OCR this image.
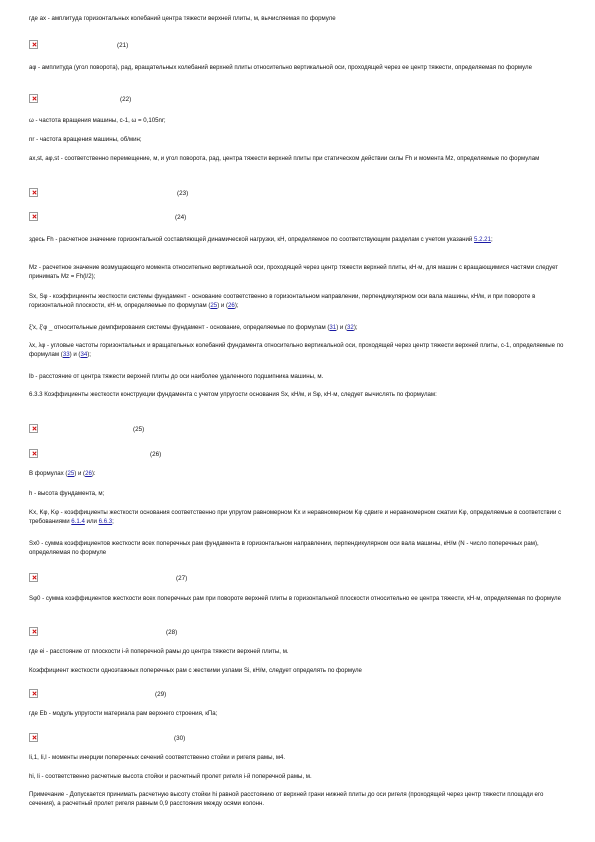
где ax - амплитуда горизонтальных колебаний центра тяжести верхней плиты, м, вычисляемая по формуле
(21)
aφ - амплитуда (угол поворота), рад, вращательных колебаний верхней плиты относительно вертикальной оси, проходящей через ее центр тяжести, определяемая по формуле
(22)
ω - частота вращения машины, с-1, ω = 0,105nr;
nr - частота вращения машины, об/мин;
ax,st, aφ,st - соответственно перемещение, м, и угол поворота, рад, центра тяжести верхней плиты при статическом действии силы Fh и момента Mz, определяемые по формулам
(23)
(24)
здесь Fh - расчетное значение горизонтальной составляющей динамической нагрузки, кН, определяемое по соответствующим разделам с учетом указаний 5.2.21;
Mz - расчетное значение возмущающего момента относительно вертикальной оси, проходящей через центр тяжести верхней плиты, кН·м, для машин с вращающимися частями следует принимать Mz = Fh(l/2);
Sx, Sφ - коэффициенты жесткости системы фундамент - основание соответственно в горизонтальном направлении, перпендикулярном оси вала машины, кН/м, и при повороте в горизонтальной плоскости, кН·м, определяемые по формулам (25) и (26);
ξ'x, ξ'φ _ относительные демпфирования системы фундамент - основание, определяемые по формулам (31) и (32);
λx, λφ - угловые частоты горизонтальных и вращательных колебаний фундамента относительно вертикальной оси, проходящей через центр тяжести верхней плиты, с-1, определяемые по формулам (33) и (34);
lb - расстояние от центра тяжести верхней плиты до оси наиболее удаленного подшипника машины, м.
6.3.3 Коэффициенты жесткости конструкции фундамента с учетом упругости основания Sx, кН/м, и Sφ, кН·м, следует вычислять по формулам:
(25)
(26)
В формулах (25) и (26):
h - высота фундамента, м;
Kx, Kφ, Kφ - коэффициенты жесткости основания соответственно при упругом равномерном Kx и неравномерном Kφ сдвиге и неравномерном сжатии Kφ, определяемые в соответствии с требованиями 6.1.4 или 6.6.3;
Sx0 - сумма коэффициентов жесткости всех поперечных рам фундамента в горизонтальном направлении, перпендикулярном оси вала машины, кН/м (N - число поперечных рам), определяемая по формуле
(27)
Sφ0 - сумма коэффициентов жесткости всех поперечных рам при повороте верхней плиты в горизонтальной плоскости относительно ее центра тяжести, кН·м, определяемая по формуле
(28)
где ei - расстояние от плоскости i-й поперечной рамы до центра тяжести верхней плиты, м.
Коэффициент жесткости одноэтажных поперечных рам с жесткими узлами Si, кН/м, следует определять по формуле
(29)
где Eb - модуль упругости материала рам верхнего строения, кПа;
(30)
Ii,1, Ii,l - моменты инерции поперечных сечений соответственно стойки и ригеля рамы, м4.
hi, li - соответственно расчетные высота стойки и расчетный пролет ригеля i-й поперечной рамы, м.
Примечание - Допускается принимать расчетную высоту стойки hi равной расстоянию от верхней грани нижней плиты до оси ригеля (проходящей через центр тяжести площади его сечения), а расчетный пролет ригеля равным 0,9 расстояния между осями колонн.
